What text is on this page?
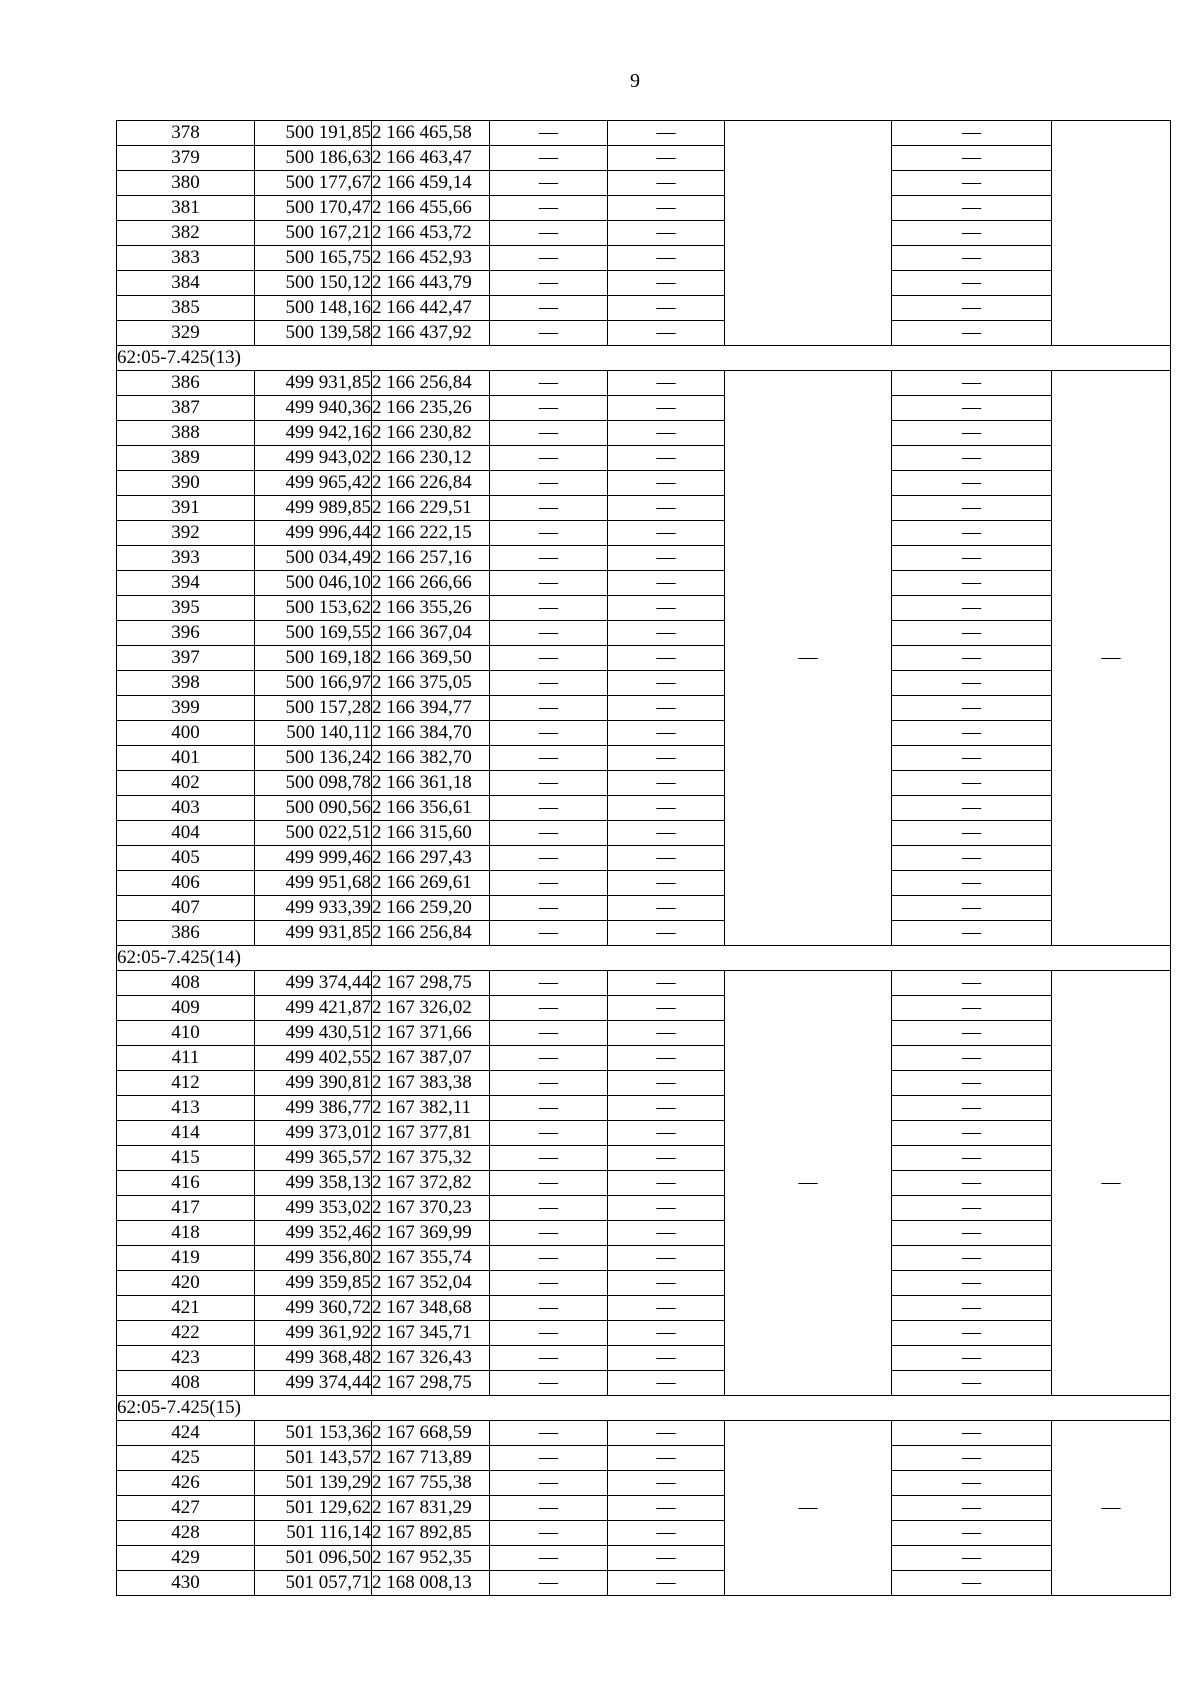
9
378	500 191,85	2 166 465,58	—	—		—	
379	500 186,63	2 166 463,47	—	—		—	
380	500 177,67	2 166 459,14	—	—		—	
381	500 170,47	2 166 455,66	—	—		—	
382	500 167,21	2 166 453,72	—	—		—	
383	500 165,75	2 166 452,93	—	—		—	
384	500 150,12	2 166 443,79	—	—		—	
385	500 148,16	2 166 442,47	—	—		—	
329	500 139,58	2 166 437,92	—	—		—	
62:05-7.425(13)							
386	499 931,85	2 166 256,84	—	—	—	—	—
387	499 940,36	2 166 235,26	—	—		—	
388	499 942,16	2 166 230,82	—	—		—	
389	499 943,02	2 166 230,12	—	—		—	
390	499 965,42	2 166 226,84	—	—		—	
391	499 989,85	2 166 229,51	—	—		—	
392	499 996,44	2 166 222,15	—	—		—	
393	500 034,49	2 166 257,16	—	—		—	
394	500 046,10	2 166 266,66	—	—		—	
395	500 153,62	2 166 355,26	—	—		—	
396	500 169,55	2 166 367,04	—	—		—	
397	500 169,18	2 166 369,50	—	—		—	
398	500 166,97	2 166 375,05	—	—		—	
399	500 157,28	2 166 394,77	—	—		—	
400	500 140,11	2 166 384,70	—	—		—	
401	500 136,24	2 166 382,70	—	—		—	
402	500 098,78	2 166 361,18	—	—		—	
403	500 090,56	2 166 356,61	—	—		—	
404	500 022,51	2 166 315,60	—	—		—	
405	499 999,46	2 166 297,43	—	—		—	
406	499 951,68	2 166 269,61	—	—		—	
407	499 933,39	2 166 259,20	—	—		—	
386	499 931,85	2 166 256,84	—	—		—	
62:05-7.425(14)							
408	499 374,44	2 167 298,75	—	—	—	—	—
409	499 421,87	2 167 326,02	—	—		—	
410	499 430,51	2 167 371,66	—	—		—	
411	499 402,55	2 167 387,07	—	—		—	
412	499 390,81	2 167 383,38	—	—		—	
413	499 386,77	2 167 382,11	—	—		—	
414	499 373,01	2 167 377,81	—	—		—	
415	499 365,57	2 167 375,32	—	—		—	
416	499 358,13	2 167 372,82	—	—		—	
417	499 353,02	2 167 370,23	—	—		—	
418	499 352,46	2 167 369,99	—	—		—	
419	499 356,80	2 167 355,74	—	—		—	
420	499 359,85	2 167 352,04	—	—		—	
421	499 360,72	2 167 348,68	—	—		—	
422	499 361,92	2 167 345,71	—	—		—	
423	499 368,48	2 167 326,43	—	—		—	
408	499 374,44	2 167 298,75	—	—		—	
62:05-7.425(15)							
424	501 153,36	2 167 668,59	—	—	—	—	—
425	501 143,57	2 167 713,89	—	—		—	
426	501 139,29	2 167 755,38	—	—		—	
427	501 129,62	2 167 831,29	—	—		—	
428	501 116,14	2 167 892,85	—	—		—	
429	501 096,50	2 167 952,35	—	—		—	
430	501 057,71	2 168 008,13	—	—		—	
